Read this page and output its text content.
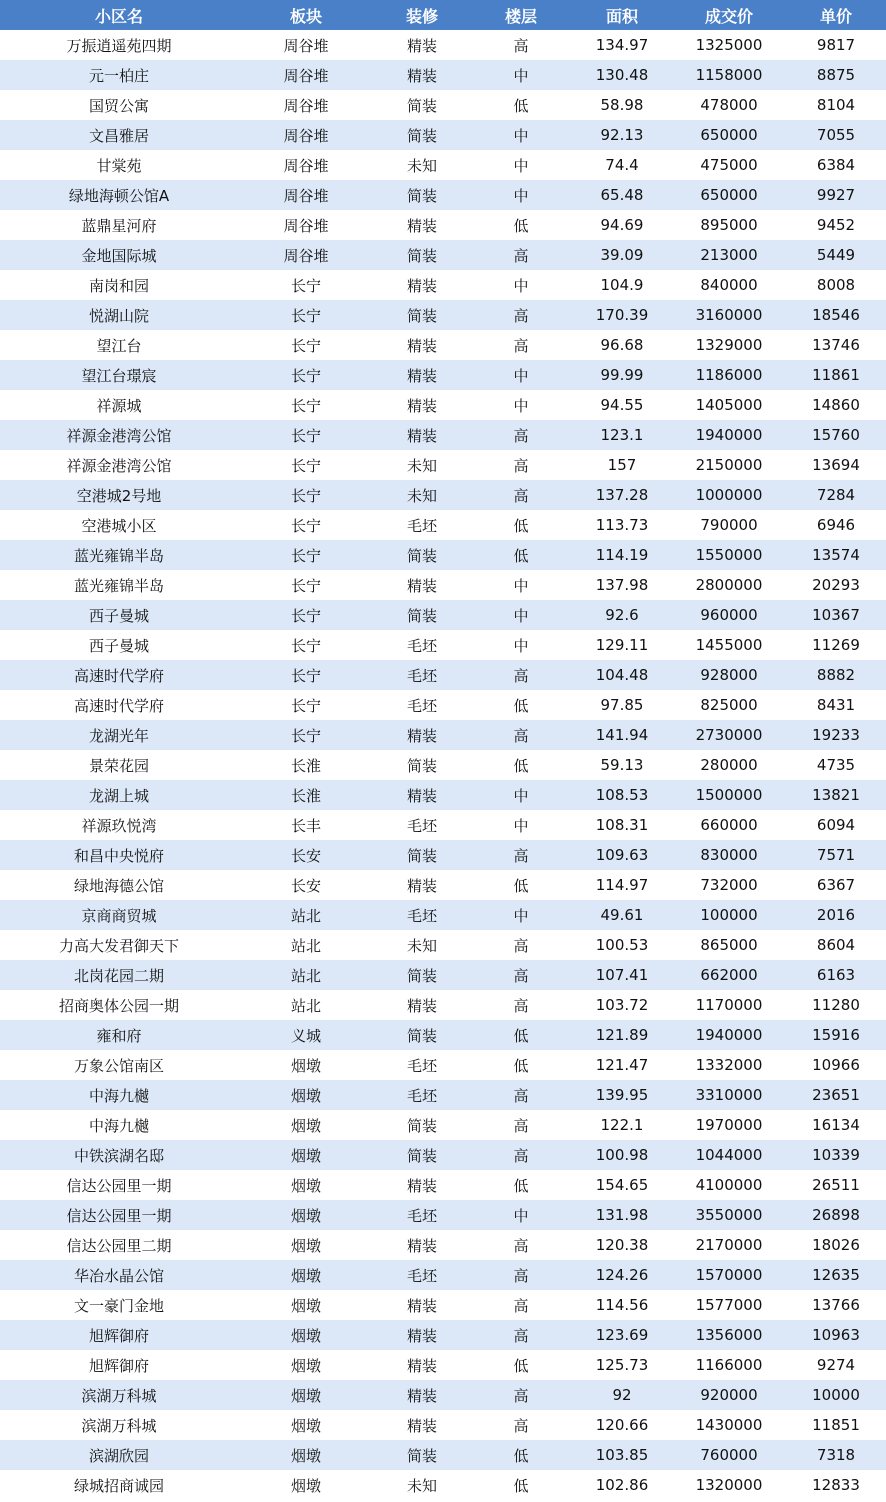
小区名	板块	装修	楼层	面积	成交价	单价
万振逍遥苑四期	周谷堆	精装	高	134.97	1325000	9817
元一柏庄	周谷堆	精装	中	130.48	1158000	8875
国贸公寓	周谷堆	简装	低	58.98	478000	8104
文昌雅居	周谷堆	简装	中	92.13	650000	7055
甘棠苑	周谷堆	未知	中	74.4	475000	6384
绿地海顿公馆A	周谷堆	简装	中	65.48	650000	9927
蓝鼎星河府	周谷堆	精装	低	94.69	895000	9452
金地国际城	周谷堆	简装	高	39.09	213000	5449
南岗和园	长宁	精装	中	104.9	840000	8008
悦湖山院	长宁	简装	高	170.39	3160000	18546
望江台	长宁	精装	高	96.68	1329000	13746
望江台璟宸	长宁	精装	中	99.99	1186000	11861
祥源城	长宁	精装	中	94.55	1405000	14860
祥源金港湾公馆	长宁	精装	高	123.1	1940000	15760
祥源金港湾公馆	长宁	未知	高	157	2150000	13694
空港城2号地	长宁	未知	高	137.28	1000000	7284
空港城小区	长宁	毛坯	低	113.73	790000	6946
蓝光雍锦半岛	长宁	简装	低	114.19	1550000	13574
蓝光雍锦半岛	长宁	精装	中	137.98	2800000	20293
西子曼城	长宁	简装	中	92.6	960000	10367
西子曼城	长宁	毛坯	中	129.11	1455000	11269
高速时代学府	长宁	毛坯	高	104.48	928000	8882
高速时代学府	长宁	毛坯	低	97.85	825000	8431
龙湖光年	长宁	精装	高	141.94	2730000	19233
景荣花园	长淮	简装	低	59.13	280000	4735
龙湖上城	长淮	精装	中	108.53	1500000	13821
祥源玖悦湾	长丰	毛坯	中	108.31	660000	6094
和昌中央悦府	长安	简装	高	109.63	830000	7571
绿地海德公馆	长安	精装	低	114.97	732000	6367
京商商贸城	站北	毛坯	中	49.61	100000	2016
力高大发君御天下	站北	未知	高	100.53	865000	8604
北岗花园二期	站北	简装	高	107.41	662000	6163
招商奥体公园一期	站北	精装	高	103.72	1170000	11280
雍和府	义城	简装	低	121.89	1940000	15916
万象公馆南区	烟墩	毛坯	低	121.47	1332000	10966
中海九樾	烟墩	毛坯	高	139.95	3310000	23651
中海九樾	烟墩	简装	高	122.1	1970000	16134
中铁滨湖名邸	烟墩	简装	高	100.98	1044000	10339
信达公园里一期	烟墩	精装	低	154.65	4100000	26511
信达公园里一期	烟墩	毛坯	中	131.98	3550000	26898
信达公园里二期	烟墩	精装	高	120.38	2170000	18026
华冶水晶公馆	烟墩	毛坯	高	124.26	1570000	12635
文一豪门金地	烟墩	精装	高	114.56	1577000	13766
旭辉御府	烟墩	精装	高	123.69	1356000	10963
旭辉御府	烟墩	精装	低	125.73	1166000	9274
滨湖万科城	烟墩	精装	高	92	920000	10000
滨湖万科城	烟墩	精装	高	120.66	1430000	11851
滨湖欣园	烟墩	简装	低	103.85	760000	7318
绿城招商诚园	烟墩	未知	低	102.86	1320000	12833
